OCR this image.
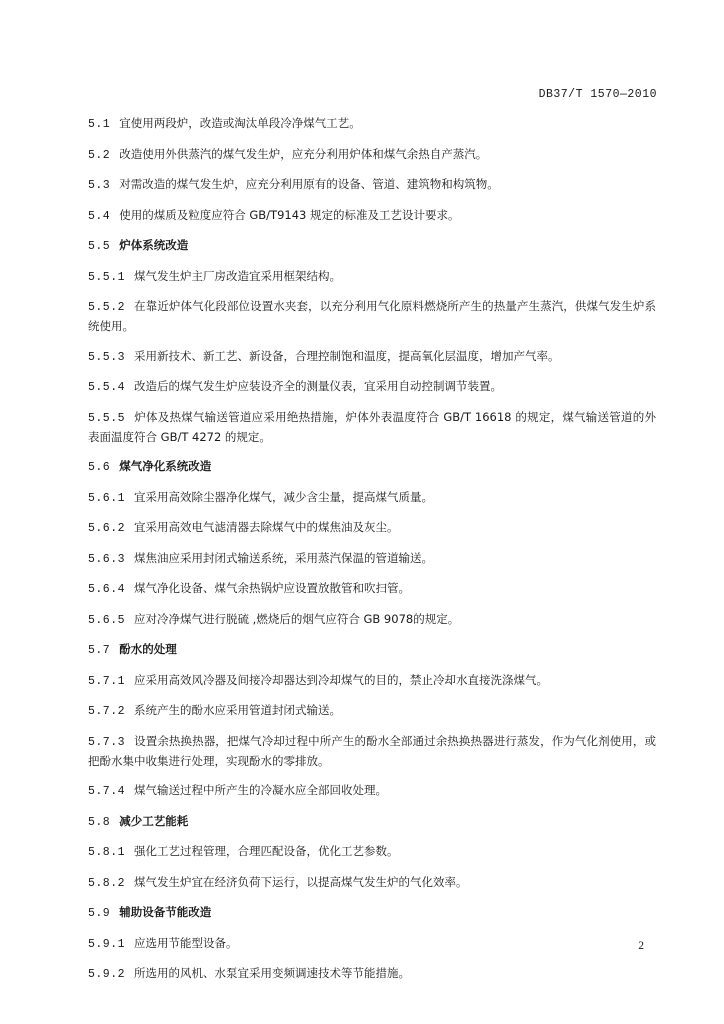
DB37/T 1570—2010

5.1 宜使用两段炉，改造或淘汰单段冷净煤气工艺。

5.2 改造使用外供蒸汽的煤气发生炉，应充分利用炉体和煤气余热自产蒸汽。

5.3 对需改造的煤气发生炉，应充分利用原有的设备、管道、建筑物和构筑物。

5.4 使用的煤质及粒度应符合 GB/T9143 规定的标准及工艺设计要求。

5.5 炉体系统改造

5.5.1 煤气发生炉主厂房改造宜采用框架结构。

5.5.2 在靠近炉体气化段部位设置水夹套，以充分利用气化原料燃烧所产生的热量产生蒸汽，供煤气发生炉系统使用。

5.5.3 采用新技术、新工艺、新设备，合理控制饱和温度，提高氧化层温度，增加产气率。

5.5.4 改造后的煤气发生炉应装设齐全的测量仪表，宜采用自动控制调节装置。

5.5.5 炉体及热煤气输送管道应采用绝热措施，炉体外表温度符合 GB/T 16618 的规定，煤气输送管道的外表面温度符合 GB/T 4272 的规定。

5.6 煤气净化系统改造

5.6.1 宜采用高效除尘器净化煤气，减少含尘量，提高煤气质量。

5.6.2 宜采用高效电气滤清器去除煤气中的煤焦油及灰尘。

5.6.3 煤焦油应采用封闭式输送系统，采用蒸汽保温的管道输送。

5.6.4 煤气净化设备、煤气余热锅炉应设置放散管和吹扫管。

5.6.5 应对冷净煤气进行脱硫 ,燃烧后的烟气应符合 GB 9078的规定。

5.7 酚水的处理

5.7.1 应采用高效风冷器及间接冷却器达到冷却煤气的目的，禁止冷却水直接洗涤煤气。

5.7.2 系统产生的酚水应采用管道封闭式输送。

5.7.3 设置余热换热器，把煤气冷却过程中所产生的酚水全部通过余热换热器进行蒸发，作为气化剂使用，或把酚水集中收集进行处理，实现酚水的零排放。

5.7.4 煤气输送过程中所产生的冷凝水应全部回收处理。

5.8 减少工艺能耗

5.8.1 强化工艺过程管理，合理匹配设备，优化工艺参数。

5.8.2 煤气发生炉宜在经济负荷下运行，以提高煤气发生炉的气化效率。

5.9 辅助设备节能改造

5.9.1 应选用节能型设备。

5.9.2 所选用的风机、水泵宜采用变频调速技术等节能措施。

2
